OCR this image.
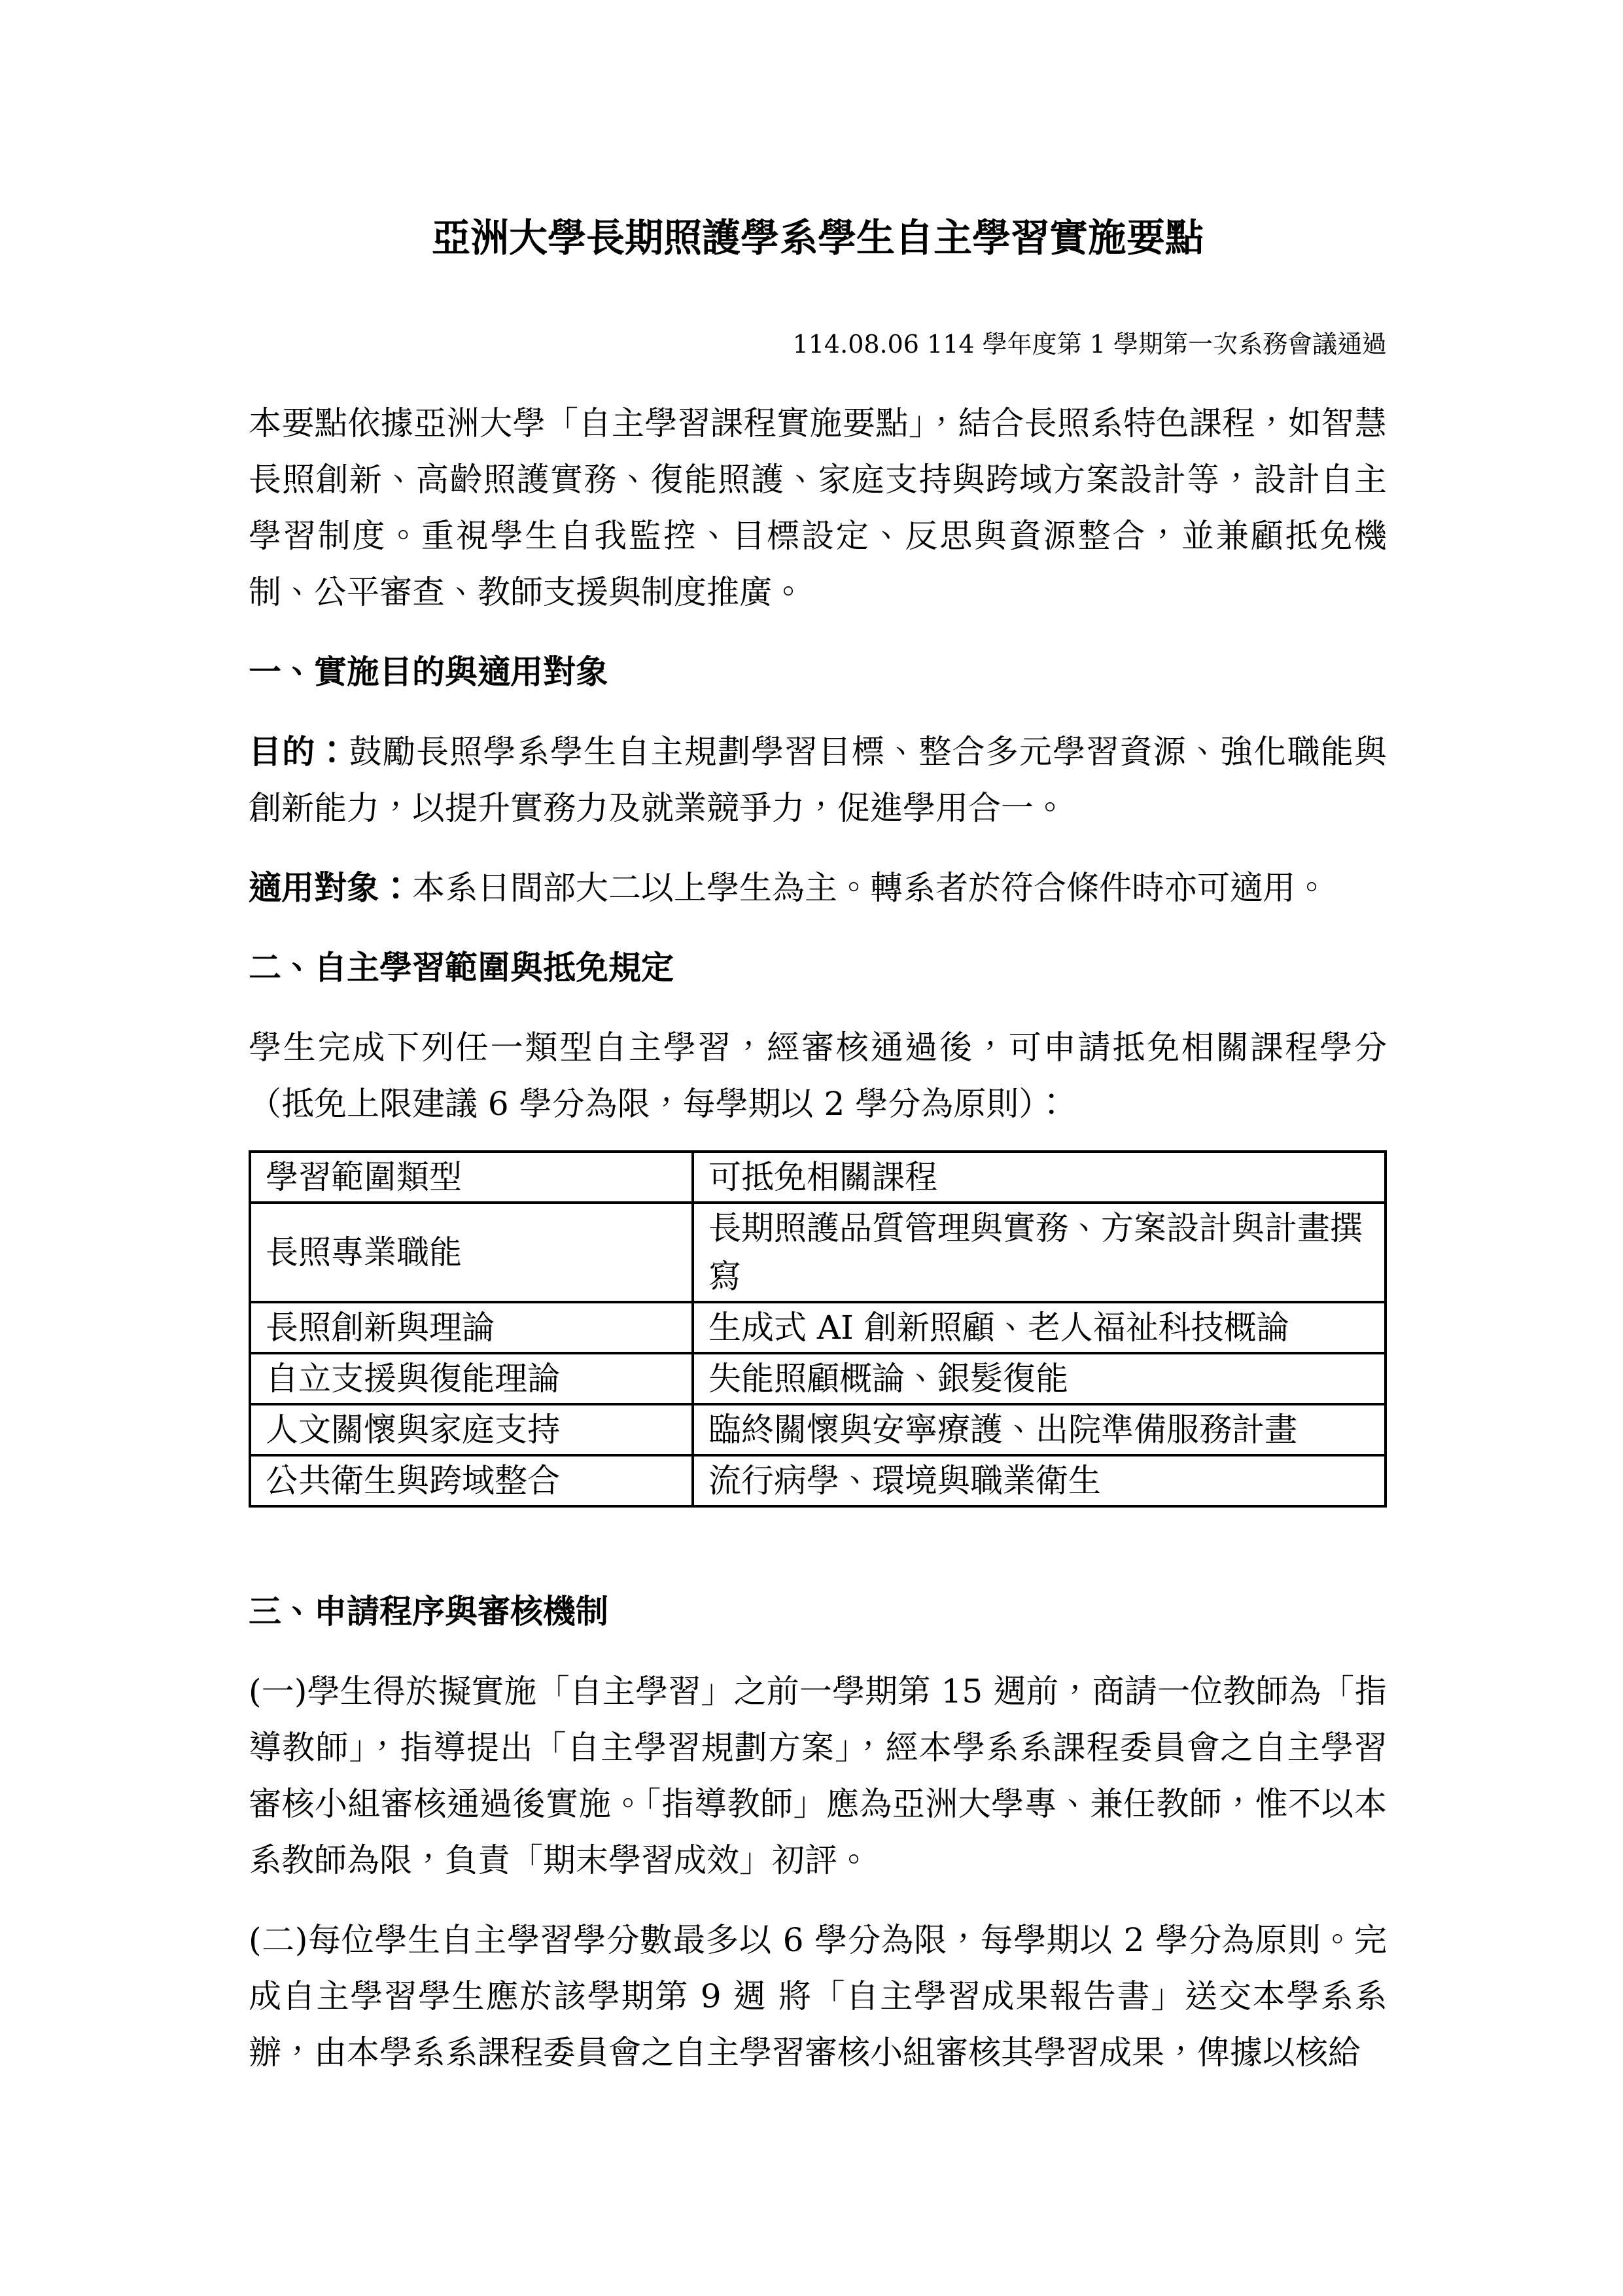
亞洲大學長期照護學系學生自主學習實施要點
114.08.06 114 學年度第 1 學期第一次系務會議通過

本要點依據亞洲大學「自主學習課程實施要點」，結合長照系特色課程，如智慧長照創新、高齡照護實務、復能照護、家庭支持與跨域方案設計等，設計自主學習制度。重視學生自我監控、目標設定、反思與資源整合，並兼顧抵免機制、公平審查、教師支援與制度推廣。

一、實施目的與適用對象

目的：鼓勵長照學系學生自主規劃學習目標、整合多元學習資源、強化職能與創新能力，以提升實務力及就業競爭力，促進學用合一。

適用對象：本系日間部大二以上學生為主。轉系者於符合條件時亦可適用。

二、自主學習範圍與抵免規定

學生完成下列任一類型自主學習，經審核通過後，可申請抵免相關課程學分（抵免上限建議 6 學分為限，每學期以 2 學分為原則）：

學習範圍類型	可抵免相關課程
長照專業職能	長期照護品質管理與實務、方案設計與計畫撰寫
長照創新與理論	生成式 AI 創新照顧、老人福祉科技概論
自立支援與復能理論	失能照顧概論、銀髮復能
人文關懷與家庭支持	臨終關懷與安寧療護、出院準備服務計畫
公共衛生與跨域整合	流行病學、環境與職業衛生
三、申請程序與審核機制

(一)學生得於擬實施「自主學習」之前一學期第 15 週前，商請一位教師為「指導教師」，指導提出「自主學習規劃方案」，經本學系系課程委員會之自主學習審核小組審核通過後實施。「指導教師」應為亞洲大學專、兼任教師，惟不以本系教師為限，負責「期末學習成效」初評。

(二)每位學生自主學習學分數最多以 6 學分為限，每學期以 2 學分為原則。完成自主學習學生應於該學期第 9 週 將「自主學習成果報告書」送交本學系系辦，由本學系系課程委員會之自主學習審核小組審核其學習成果，俾據以核給
